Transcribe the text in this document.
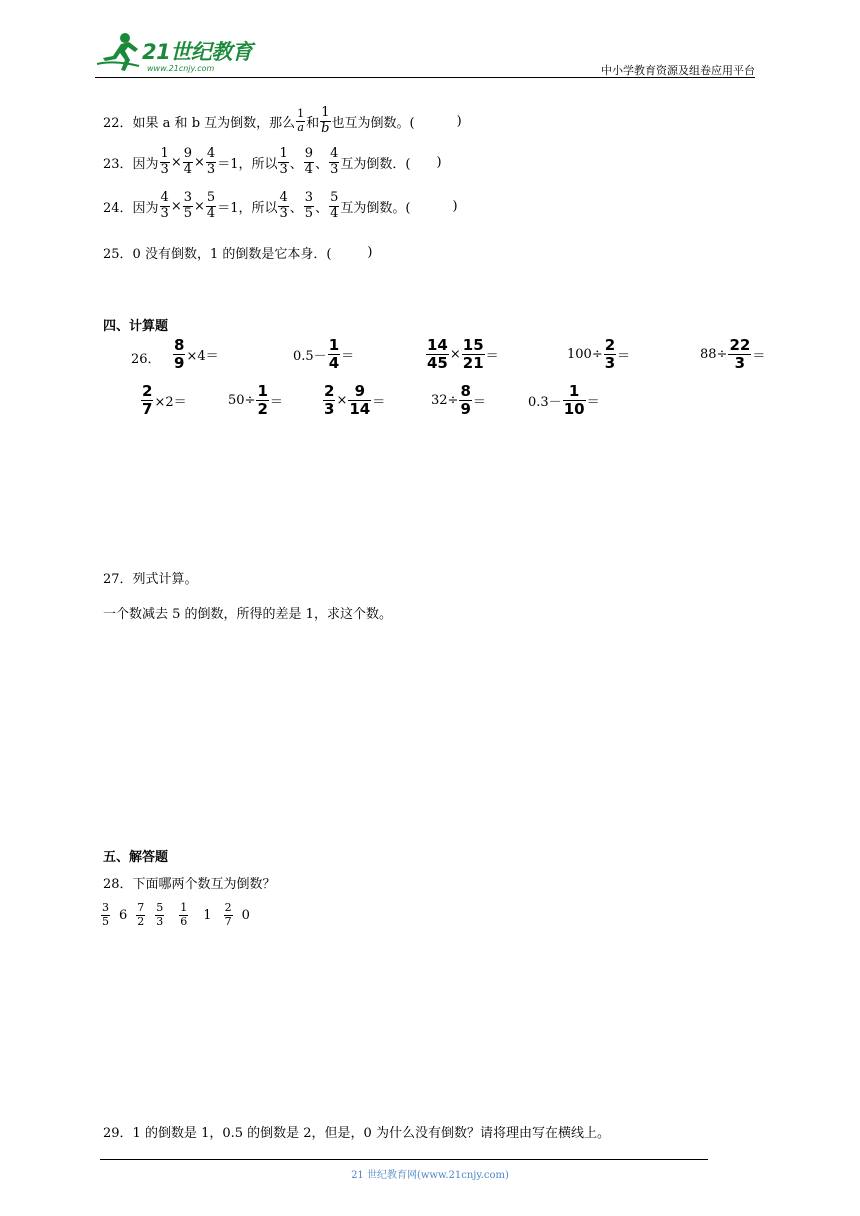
21世纪教育
www.21cnjy.com	中小学教育资源及组卷应用平台
22．如果 a 和 b 互为倒数，那么 $\frac{1}{a}$ 和 $\frac{1}{b}$ 也互为倒数。(	)
23．因为 $\frac{1}{3} \times \frac{9}{4} \times \frac{4}{3} =1$，所以 $\frac{1}{3}$ 、 $\frac{9}{4}$ 、 $\frac{4}{3}$ 互为倒数．( )
24．因为 $\frac{4}{3} \times \frac{3}{5} \times \frac{5}{4} =1$，所以 $\frac{4}{3}$ 、 $\frac{3}{5}$ 、 $\frac{5}{4}$ 互为倒数。(	)
25．0 没有倒数，1 的倒数是它本身．(	)
四、计算题
26． $\frac{8}{9} \times 4=$	$0.5- \frac{1}{4}$ ＝	$\frac{14}{45} \times \frac{15}{21}$ ＝	$100\div \frac{2}{3}$ ＝	$88\div \frac{22}{3}$ ＝
$\frac{2}{7} \times 2=$	$50\div \frac{1}{2}$ ＝	$\frac{2}{3} \times \frac{9}{14}$ ＝	$32\div \frac{8}{9}$ ＝	$0.3- \frac{1}{10}$ ＝
27．列式计算。
一个数减去 5 的倒数，所得的差是 1，求这个数。
五、解答题
28．下面哪两个数互为倒数？
$\frac{3}{5} 6 \frac{7}{2} \frac{5}{3} \frac{1}{6} 1 \frac{2}{7} 0$
29．1 的倒数是 1，0.5 的倒数是 2，但是，0 为什么没有倒数？请将理由写在横线上。
21 世纪教育网(www.21cnjy.com)
